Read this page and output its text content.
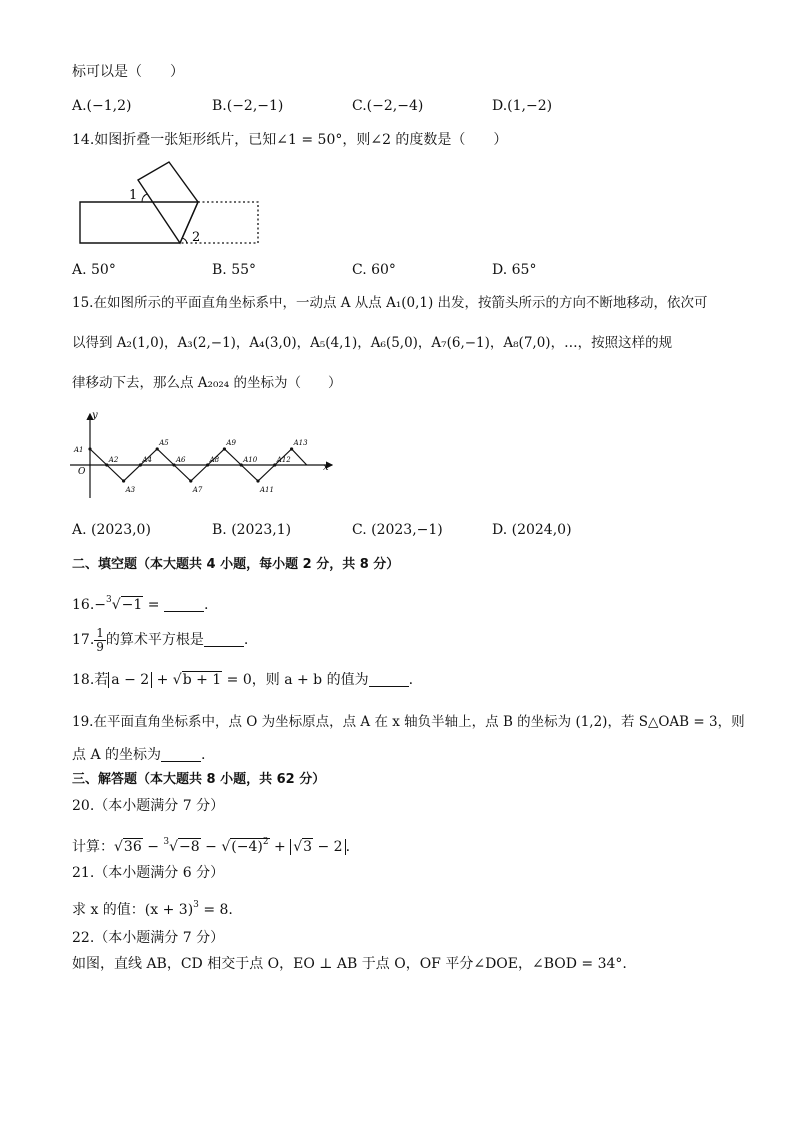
标可以是（　　）
A.(−1,2)	B.(−2,−1)	C.(−2,−4)	D.(1,−2)
14.如图折叠一张矩形纸片，已知∠1 = 50°，则∠2 的度数是（　　）
1
2
A. 50°	B. 55°	C. 60°	D. 65°
15.在如图所示的平面直角坐标系中，一动点 A 从点 A₁(0,1) 出发，按箭头所示的方向不断地移动，依次可
以得到 A₂(1,0)，A₃(2,−1)，A₄(3,0)，A₅(4,1)，A₆(5,0)，A₇(6,−1)，A₈(7,0)，…，按照这样的规
律移动下去，那么点 A₂₀₂₄ 的坐标为（　　）
y
x
O
A1
A2
A3
A4
A5
A6
A7
A8
A9
A10
A11
A12
A13
A. (2023,0)	B. (2023,1)	C. (2023,−1)	D. (2024,0)
二、填空题（本大题共 4 小题，每小题 2 分，共 8 分）
16.−$^3$√−1 =	.
17. $\frac{1}{9}$ 的算术平方根是	.
18.若 a − 2 + √b + 1 = 0，则 a + b 的值为	.
19.在平面直角坐标系中，点 O 为坐标原点，点 A 在 x 轴负半轴上，点 B 的坐标为 (1,2)，若 S△OAB = 3，则
点 A 的坐标为	.
三、解答题（本大题共 8 小题，共 62 分）
20.（本小题满分 7 分）
计算：$√36 - ^3√-8 - √(-4)^2 + √3 - 2$ .
21.（本小题满分 6 分）
求 x 的值：$(x + 3)^3 = 8$.
22.（本小题满分 7 分）
如图，直线 AB，CD 相交于点 O，EO ⊥ AB 于点 O，OF 平分∠DOE，∠BOD = 34°.
